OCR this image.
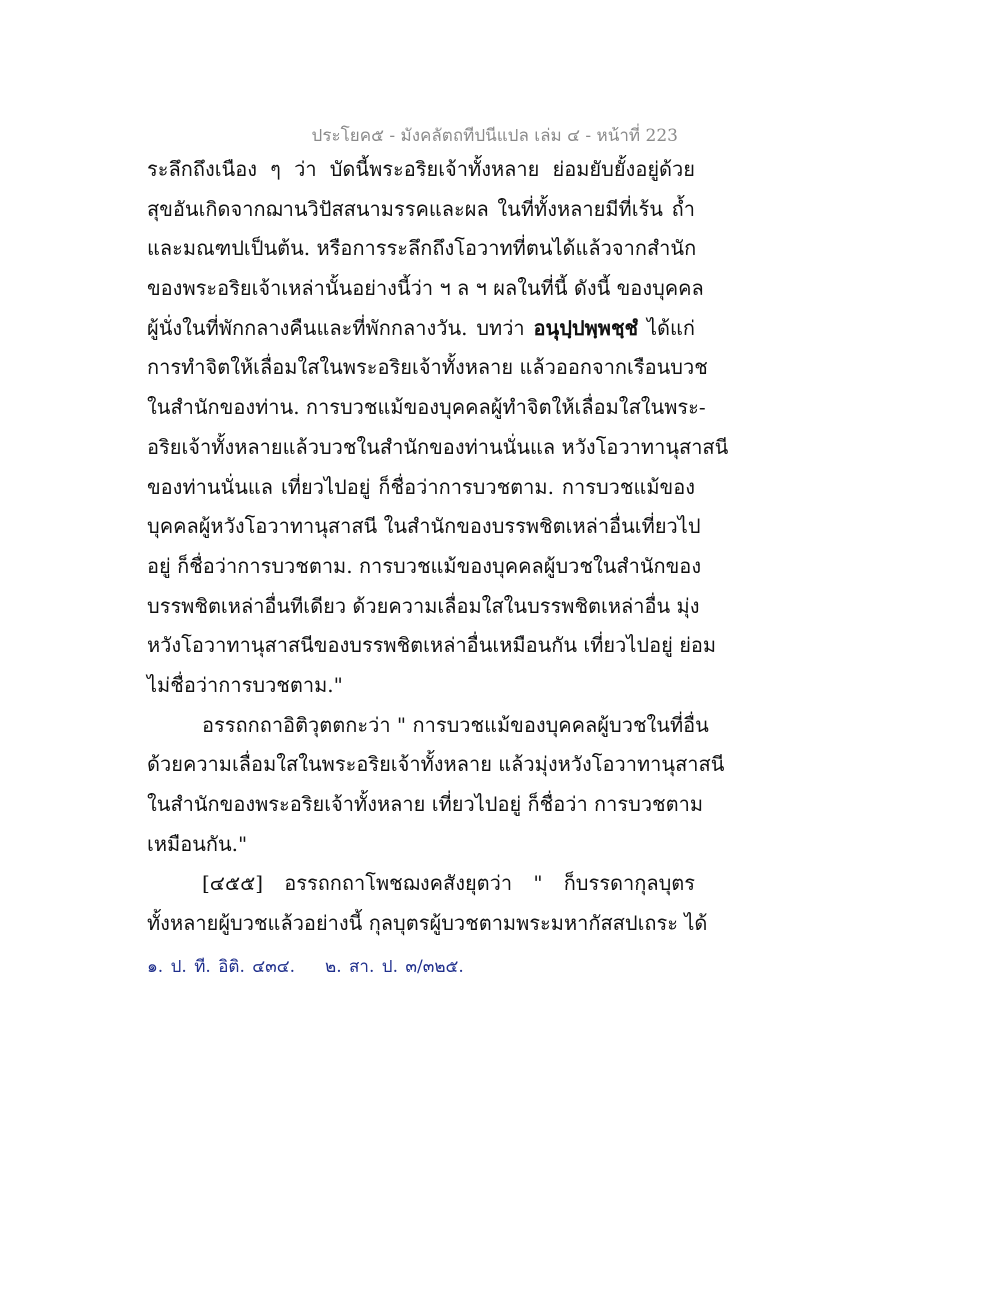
ประโยค๕ - มังคลัตถทีปนีแปล เล่ม ๔ - หน้าที่ 223
ระลึกถึงเนือง ๆ ว่า บัดนี้พระอริยเจ้าทั้งหลาย ย่อมยับยั้งอยู่ด้วย
สุขอันเกิดจากฌานวิปัสสนามรรคและผล ในที่ทั้งหลายมีที่เร้น ถ้ำ
และมณฑปเป็นต้น. หรือการระลึกถึงโอวาทที่ตนได้แล้วจากสำนัก
ของพระอริยเจ้าเหล่านั้นอย่างนี้ว่า ฯ ล ฯ ผลในที่นี้ ดังนี้ ของบุคคล
ผู้นั่งในที่พักกลางคืนและที่พักกลางวัน. บทว่า อนุปฺปพฺพชฺชํ ได้แก่
การทำจิตให้เลื่อมใสในพระอริยเจ้าทั้งหลาย แล้วออกจากเรือนบวช
ในสำนักของท่าน. การบวชแม้ของบุคคลผู้ทำจิตให้เลื่อมใสในพระ-
อริยเจ้าทั้งหลายแล้วบวชในสำนักของท่านนั่นแล หวังโอวาทานุสาสนี
ของท่านนั่นแล เที่ยวไปอยู่ ก็ชื่อว่าการบวชตาม. การบวชแม้ของ
บุคคลผู้หวังโอวาทานุสาสนี ในสำนักของบรรพชิตเหล่าอื่นเที่ยวไป
อยู่ ก็ชื่อว่าการบวชตาม. การบวชแม้ของบุคคลผู้บวชในสำนักของ
บรรพชิตเหล่าอื่นทีเดียว ด้วยความเลื่อมใสในบรรพชิตเหล่าอื่น มุ่ง
หวังโอวาทานุสาสนีของบรรพชิตเหล่าอื่นเหมือนกัน เที่ยวไปอยู่ ย่อม
ไม่ชื่อว่าการบวชตาม."
อรรถกถาอิติวุตตกะว่า " การบวชแม้ของบุคคลผู้บวชในที่อื่น
ด้วยความเลื่อมใสในพระอริยเจ้าทั้งหลาย แล้วมุ่งหวังโอวาทานุสาสนี
ในสำนักของพระอริยเจ้าทั้งหลาย เที่ยวไปอยู่ ก็ชื่อว่า การบวชตาม
เหมือนกัน."
[๔๕๕] อรรถกถาโพชฌงคสังยุตว่า " ก็บรรดากุลบุตร
ทั้งหลายผู้บวชแล้วอย่างนี้ กุลบุตรผู้บวชตามพระมหากัสสปเถระ ได้
๑. ป. ที. อิติ. ๔๓๔. ๒. สา. ป. ๓/๓๒๕.
